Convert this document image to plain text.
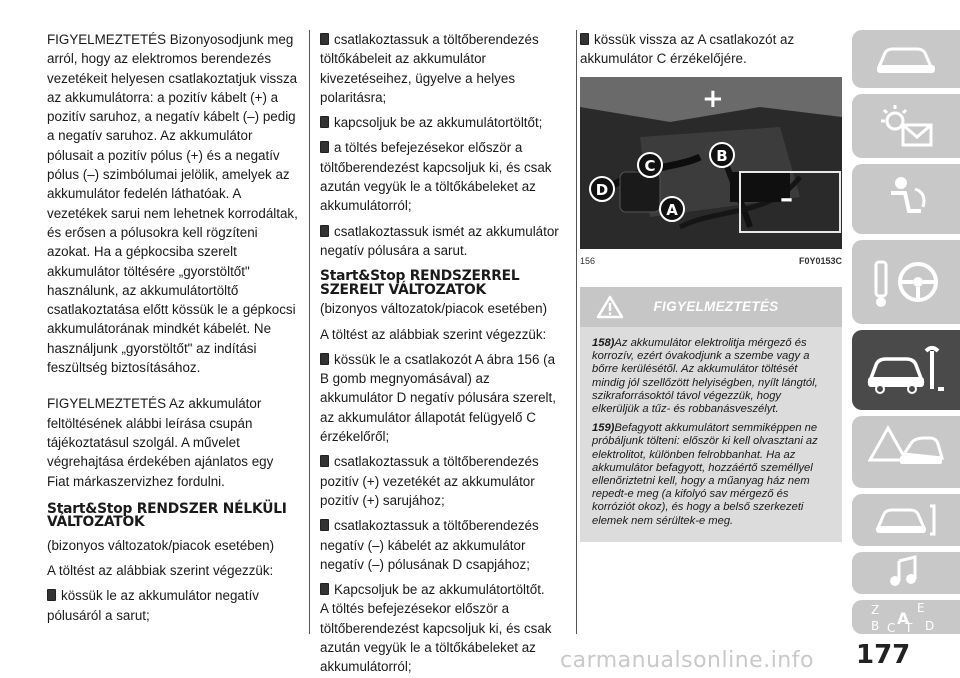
FIGYELMEZTETÉS Bizonyosodjunk meg arról, hogy az elektromos berendezés vezetékeit helyesen csatlakoztatjuk vissza az akkumulátorra: a pozitív kábelt (+) a pozitív saruhoz, a negatív kábelt (–) pedig a negatív saruhoz. Az akkumulátor pólusait a pozitív pólus (+) és a negatív pólus (–) szimbólumai jelölik, amelyek az akkumulátor fedelén láthatóak. A vezetékek sarui nem lehetnek korrodáltak, és erősen a pólusokra kell rögzíteni azokat. Ha a gépkocsiba szerelt akkumulátor töltésére „gyorstöltőt" használunk, az akkumulátortöltő csatlakoztatása előtt kössük le a gépkocsi akkumulátorának mindkét kábelét. Ne használjunk „gyorstöltőt" az indítási feszültség biztosításához.

FIGYELMEZTETÉS Az akkumulátor feltöltésének alábbi leírása csupán tájékoztatásul szolgál. A művelet végrehajtása érdekében ajánlatos egy Fiat márkaszervizhez fordulni.

Start&Stop RENDSZER NÉLKÜLI VÁLTOZATOK

(bizonyos változatok/piacok esetében)

A töltést az alábbiak szerint végezzük:

kössük le az akkumulátor negatív pólusáról a sarut;

csatlakoztassuk a töltőberendezés töltőkábeleit az akkumulátor kivezetéseihez, ügyelve a helyes polaritásra;

kapcsoljuk be az akkumulátortöltőt;

a töltés befejezésekor először a töltőberendezést kapcsoljuk ki, és csak azután vegyük le a töltőkábeleket az akkumulátorról;

csatlakoztassuk ismét az akkumulátor negatív pólusára a sarut.

Start&Stop RENDSZERREL SZERELT VÁLTOZATOK

(bizonyos változatok/piacok esetében)

A töltést az alábbiak szerint végezzük:

kössük le a csatlakozót A ábra 156 (a B gomb megnyomásával) az akkumulátor D negatív pólusára szerelt, az akkumulátor állapotát felügyelő C érzékelőről;

csatlakoztassuk a töltőberendezés pozitív (+) vezetékét az akkumulátor pozitív (+) sarujához;

csatlakoztassuk a töltőberendezés negatív (–) kábelét az akkumulátor negatív (–) pólusának D csapjához;

Kapcsoljuk be az akkumulátortöltőt.

A töltés befejezésekor először a töltőberendezést kapcsoljuk ki, és csak azután vegyük le a töltőkábeleket az akkumulátorról;

kössük vissza az A csatlakozót az akkumulátor C érzékelőjére.

+
–
B
C
D
A
156	F0Y0153C
FIGYELMEZTETÉS

158)Az akkumulátor elektrolitja mérgező és korrozív, ezért óvakodjunk a szembe vagy a bőrre kerülésétől. Az akkumulátor töltését mindig jól szellőzött helyiségben, nyílt lángtól, szikraforrásoktól távol végezzük, hogy elkerüljük a tűz- és robbanásveszélyt.

159)Befagyott akkumulátort semmiképpen ne próbáljunk tölteni: először ki kell olvasztani az elektrolitot, különben felrobbanhat. Ha az akkumulátor befagyott, hozzáértő személlyel ellenőriztetni kell, hogy a műanyag ház nem repedt-e meg (a kifolyó sav mérgező és korróziót okoz), és hogy a belső szerkezeti elemek nem sérültek-e meg.

Z	E
A
B C T D
carmanualsonline.info 177
